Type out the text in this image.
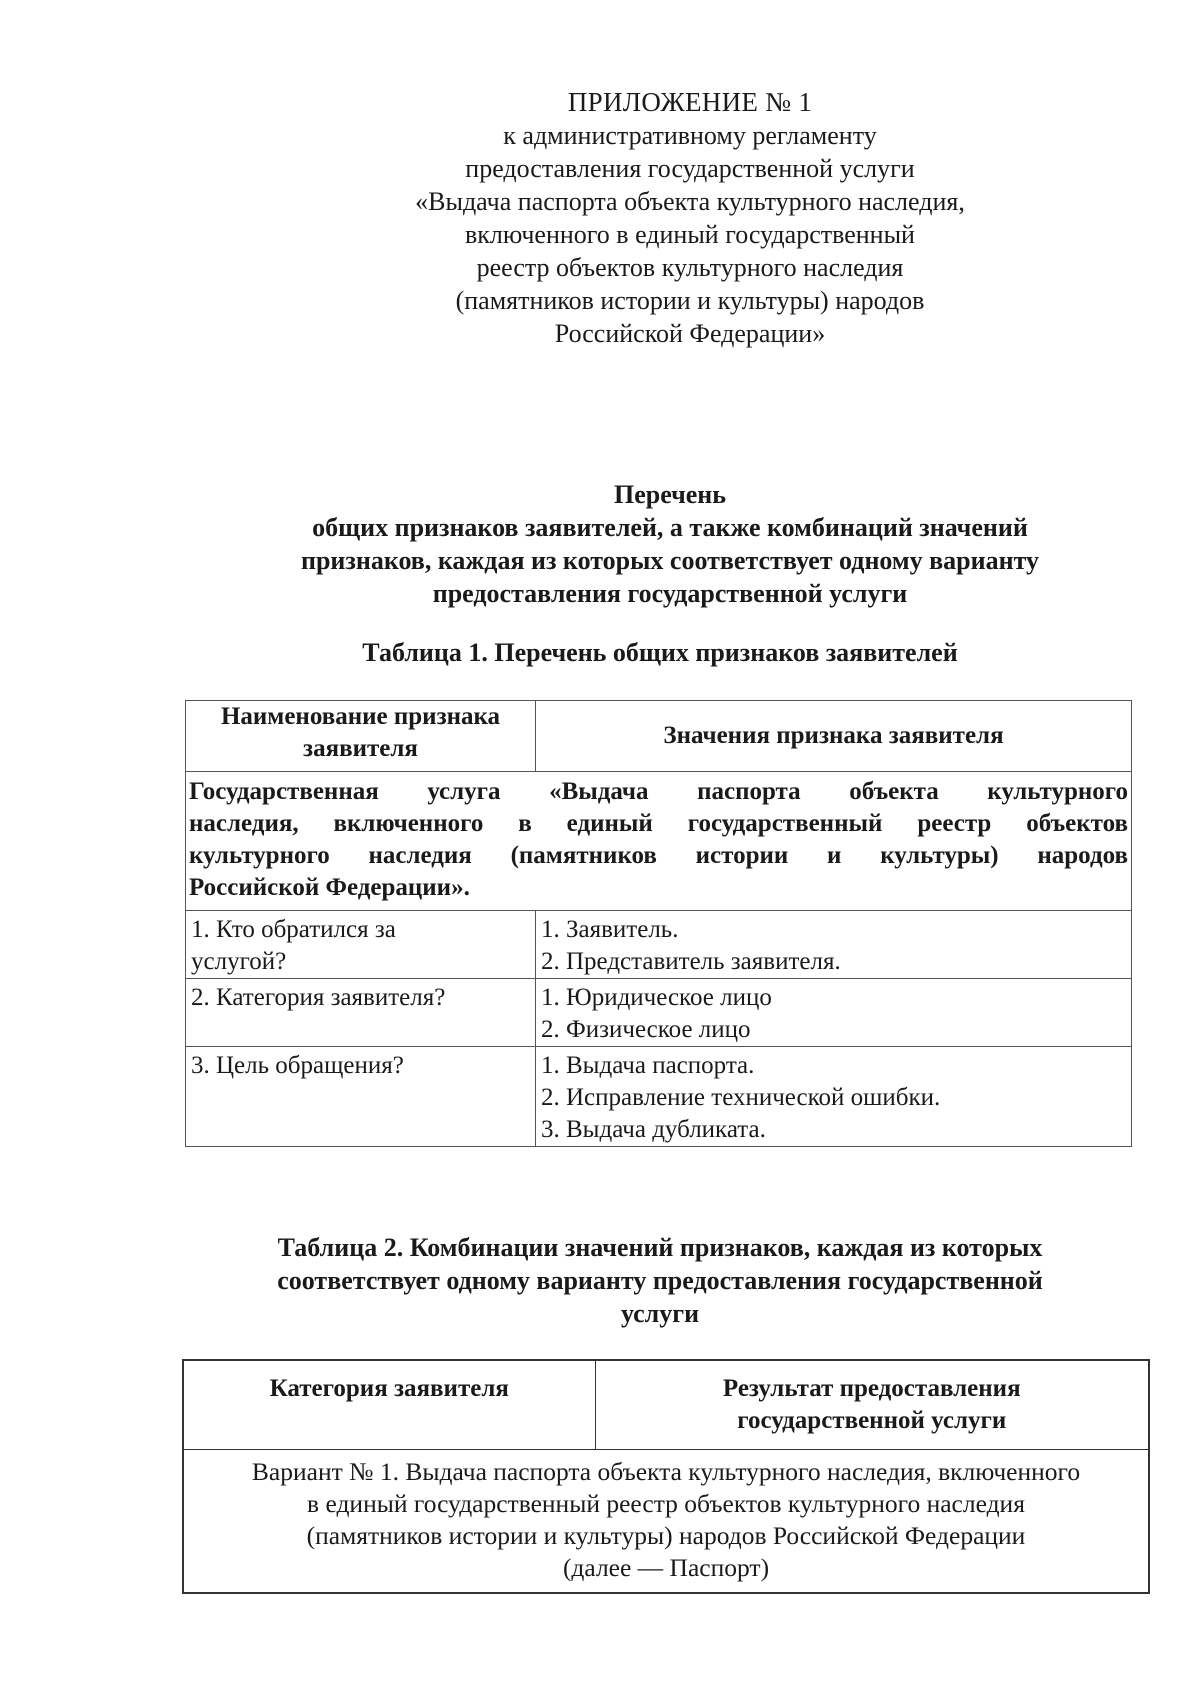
ПРИЛОЖЕНИЕ № 1
к административному регламенту
предоставления государственной услуги
«Выдача паспорта объекта культурного наследия,
включенного в единый государственный
реестр объектов культурного наследия
(памятников истории и культуры) народов
Российской Федерации»
Перечень
общих признаков заявителей, а также комбинаций значений
признаков, каждая из которых соответствует одному варианту
предоставления государственной услуги
Таблица 1. Перечень общих признаков заявителей
Наименование признака
заявителя	Значения признака заявителя

Государственная услуга «Выдача паспорта объекта культурного
наследия, включенного в единый государственный реестр объектов
культурного наследия (памятников истории и культуры) народов
Российской Федерации».	

1. Кто обратился за
услугой?	1. Заявитель.
2. Представитель заявителя.

2. Категория заявителя?	1. Юридическое лицо
2. Физическое лицо

3. Цель обращения?	1. Выдача паспорта.
2. Исправление технической ошибки.
3. Выдача дубликата.
Таблица 2. Комбинации значений признаков, каждая из которых
соответствует одному варианту предоставления государственной
услуги
Категория заявителя	Результат предоставления
государственной услуги

Вариант № 1. Выдача паспорта объекта культурного наследия, включенного
в единый государственный реестр объектов культурного наследия
(памятников истории и культуры) народов Российской Федерации
(далее — Паспорт)
